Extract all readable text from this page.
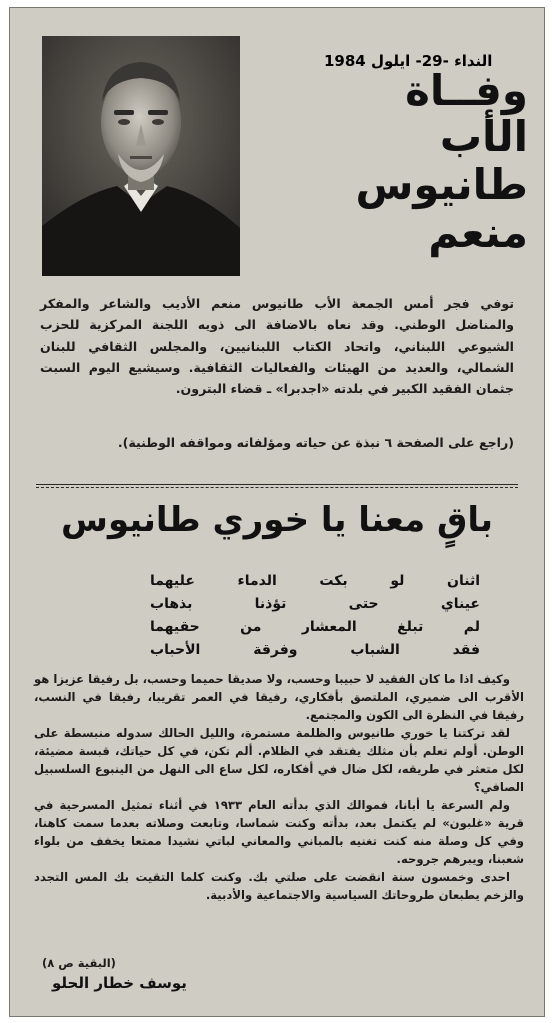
النداء -29- ايلول 1984
وفــاة
الأب
طانيوس
منعم
توفي فجر أمس الجمعة الأب طانيوس منعم الأديب والشاعر والمفكر والمناضل الوطني. وقد نعاه بالاضافة الى ذويه اللجنة المركزية للحزب الشيوعي اللبناني، واتحاد الكتاب اللبنانيين، والمجلس الثقافي للبنان الشمالي، والعديد من الهيئات والفعاليات الثقافية. وسيشيع اليوم السبت جثمان الفقيد الكبير في بلدته «اجدبرا» ـ قضاء البترون.
(راجع على الصفحة ٦ نبذة عن حياته ومؤلفاته ومواقفه الوطنية).
باقٍ معنا يا خوري طانيوس
اثنان لو بكت الدماء عليهما
عيناي حتى تؤذنا بذهاب
لم تبلغ المعشار من حقيهما
فقد الشباب وفرقة الأحباب

وكيف اذا ما كان الفقيد لا حبيبا وحسب، ولا صديقا حميما وحسب، بل رفيقا عزيزا هو الأقرب الى ضميري، الملتصق بأفكاري، رفيقا في العمر تقريبا، رفيقا في النسب، رفيقا في النظرة الى الكون والمجتمع.

لقد تركتنا يا خوري طانيوس والظلمة مستمرة، والليل الحالك سدوله منبسطة على الوطن. أولم تعلم بأن مثلك يفتقد في الظلام. ألم تكن، في كل حياتك، قبسة مضيئة، لكل متعثر في طريقه، لكل ضال في أفكاره، لكل ساع الى النهل من الينبوع السلسبيل الصافي؟

ولم السرعة يا أبانا، فموالك الذي بدأته العام ١٩٣٣ في أثناء تمثيل المسرحية في قرية «غلبون» لم يكتمل بعد، بدأته وكنت شماسا، وتابعت وصلاته بعدما سمت كاهنا، وفي كل وصلة منه كنت تغنيه بالمباني والمعاني لباتي نشيدا ممتعا يخفف من بلواء شعبنا، ويبرهم جروحه.

احدى وخمسون سنة انقضت على صلتي بك. وكنت كلما التقيت بك المس التجدد والزخم يطبعان طروحاتك السياسية والاجتماعية والأدبية.

(البقية ص ٨)
يوسف خطار الحلو
